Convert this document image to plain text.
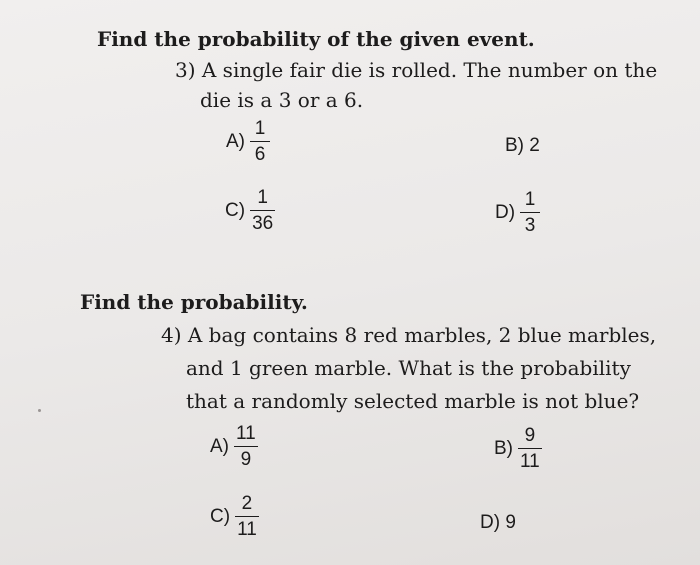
Find the probability of the given event.
3) A single fair die is rolled. The number on the
die is a 3 or a 6.
$A) \frac{1}{6}$	B) 2
$C) \frac{1}{36}$	$D) \frac{1}{3}$
Find the probability.
4) A bag contains 8 red marbles, 2 blue marbles,
and 1 green marble. What is the probability
that a randomly selected marble is not blue?
$A) \frac{11}{9}$	$B) \frac{9}{11}$
$C) \frac{2}{11}$	D) 9
